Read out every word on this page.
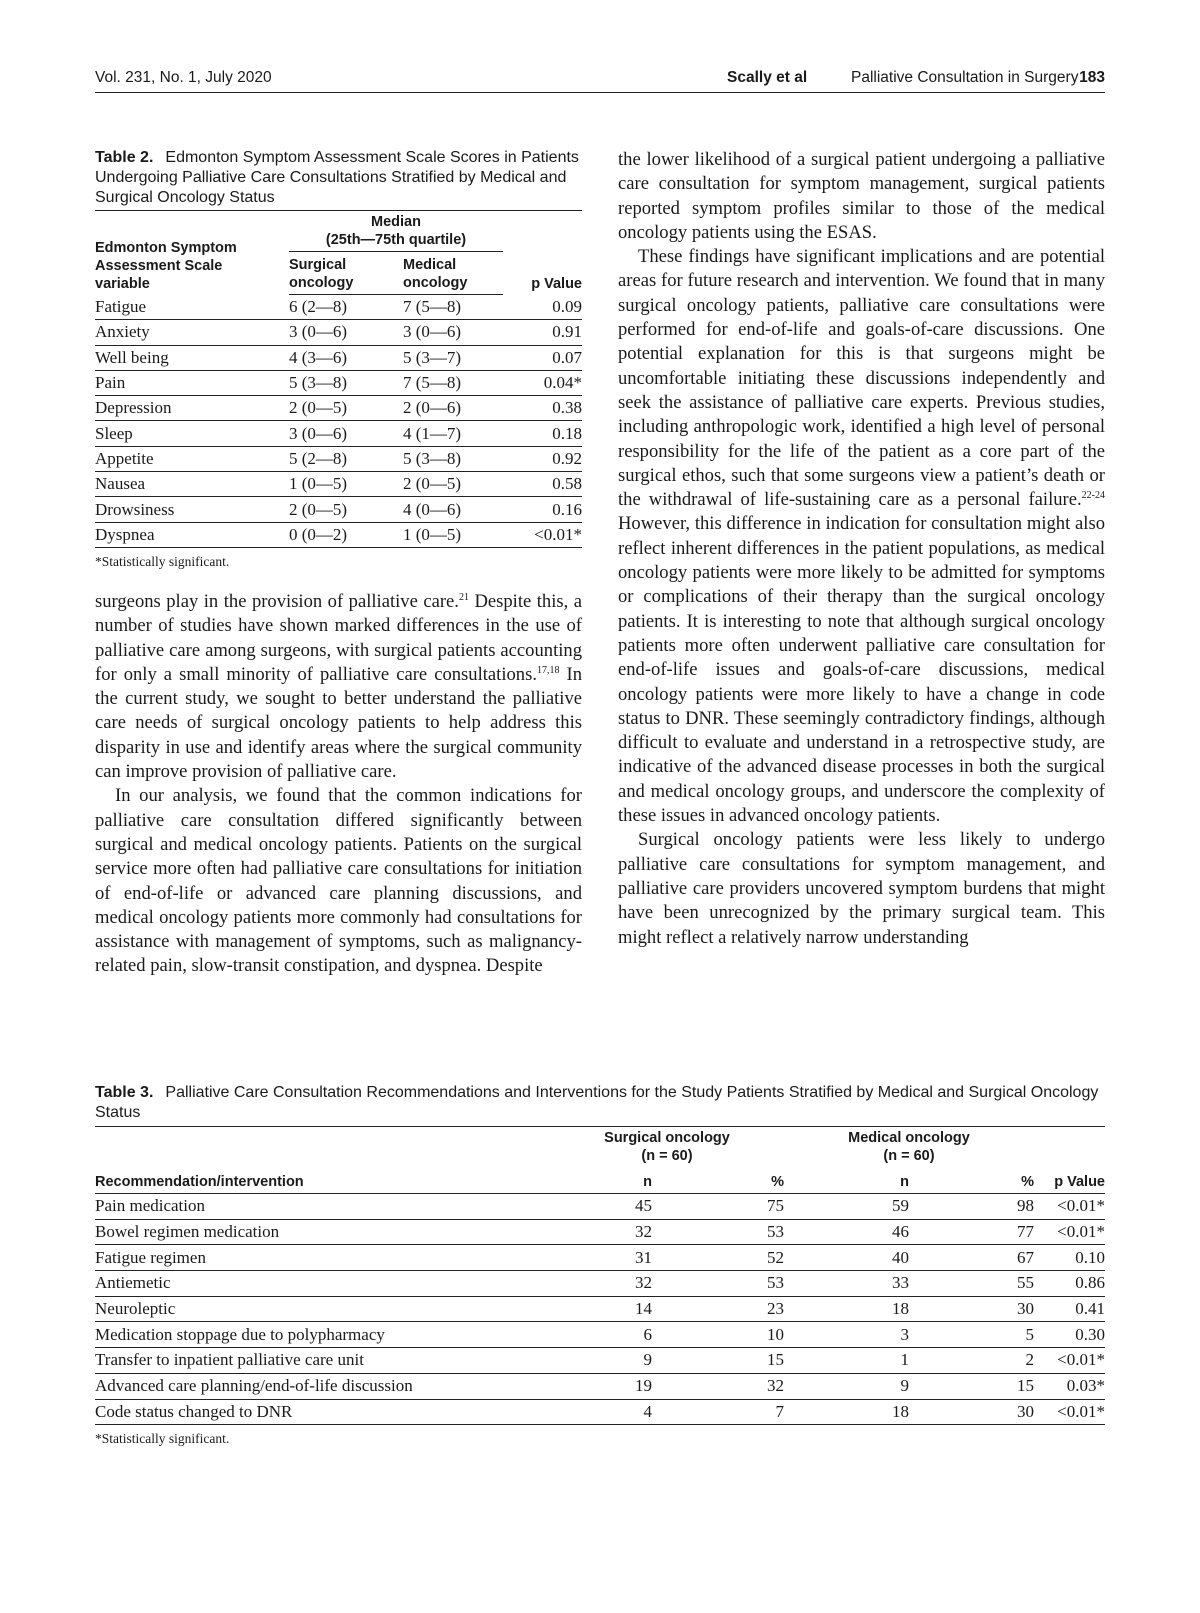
Vol. 231, No. 1, July 2020	Scally et al	Palliative Consultation in Surgery 183
Table 2. Edmonton Symptom Assessment Scale Scores in Patients Undergoing Palliative Care Consultations Stratified by Medical and Surgical Oncology Status
Edmonton Symptom
Assessment Scale
variable	Median
(25th—75th quartile)		p Value
	Surgical
oncology	Medical
oncology	
Fatigue	6 (2—8)	7 (5—8)	0.09
Anxiety	3 (0—6)	3 (0—6)	0.91
Well being	4 (3—6)	5 (3—7)	0.07
Pain	5 (3—8)	7 (5—8)	0.04*
Depression	2 (0—5)	2 (0—6)	0.38
Sleep	3 (0—6)	4 (1—7)	0.18
Appetite	5 (2—8)	5 (3—8)	0.92
Nausea	1 (0—5)	2 (0—5)	0.58
Drowsiness	2 (0—5)	4 (0—6)	0.16
Dyspnea	0 (0—2)	1 (0—5)	<0.01*
*Statistically significant.

surgeons play in the provision of palliative care.$^{21}$ Despite this, a number of studies have shown marked differences in the use of palliative care among surgeons, with surgical patients accounting for only a small minority of palliative care consultations.$^{17,18}$ In the current study, we sought to better understand the palliative care needs of surgical oncology patients to help address this disparity in use and identify areas where the surgical community can improve provision of palliative care.

In our analysis, we found that the common indications for palliative care consultation differed significantly between surgical and medical oncology patients. Patients on the surgical service more often had palliative care consultations for initiation of end-of-life or advanced care planning discussions, and medical oncology patients more commonly had consultations for assistance with management of symptoms, such as malignancy-related pain, slow-transit constipation, and dyspnea. Despite

the lower likelihood of a surgical patient undergoing a palliative care consultation for symptom management, surgical patients reported symptom profiles similar to those of the medical oncology patients using the ESAS.

These findings have significant implications and are potential areas for future research and intervention. We found that in many surgical oncology patients, palliative care consultations were performed for end-of-life and goals-of-care discussions. One potential explanation for this is that surgeons might be uncomfortable initiating these discussions independently and seek the assistance of palliative care experts. Previous studies, including anthropologic work, identified a high level of personal responsibility for the life of the patient as a core part of the surgical ethos, such that some surgeons view a patient’s death or the withdrawal of life-sustaining care as a personal failure.$^{22-24}$ However, this difference in indication for consultation might also reflect inherent differences in the patient populations, as medical oncology patients were more likely to be admitted for symptoms or complications of their therapy than the surgical oncology patients. It is interesting to note that although surgical oncology patients more often underwent palliative care consultation for end-of-life issues and goals-of-care discussions, medical oncology patients were more likely to have a change in code status to DNR. These seemingly contradictory findings, although difficult to evaluate and understand in a retrospective study, are indicative of the advanced disease processes in both the surgical and medical oncology groups, and underscore the complexity of these issues in advanced oncology patients.

Surgical oncology patients were less likely to undergo palliative care consultations for symptom management, and palliative care providers uncovered symptom burdens that might have been unrecognized by the primary surgical team. This might reflect a relatively narrow understanding

Table 3. Palliative Care Consultation Recommendations and Interventions for the Study Patients Stratified by Medical and Surgical Oncology Status
	Surgical oncology
(n = 60)		Medical oncology
(n = 60)		
Recommendation/intervention	n	%	n	%	p Value
Pain medication	45	75	59	98	<0.01*
Bowel regimen medication	32	53	46	77	<0.01*
Fatigue regimen	31	52	40	67	0.10
Antiemetic	32	53	33	55	0.86
Neuroleptic	14	23	18	30	0.41
Medication stoppage due to polypharmacy	6	10	3	5	0.30
Transfer to inpatient palliative care unit	9	15	1	2	<0.01*
Advanced care planning/end-of-life discussion	19	32	9	15	0.03*
Code status changed to DNR	4	7	18	30	<0.01*
*Statistically significant.
